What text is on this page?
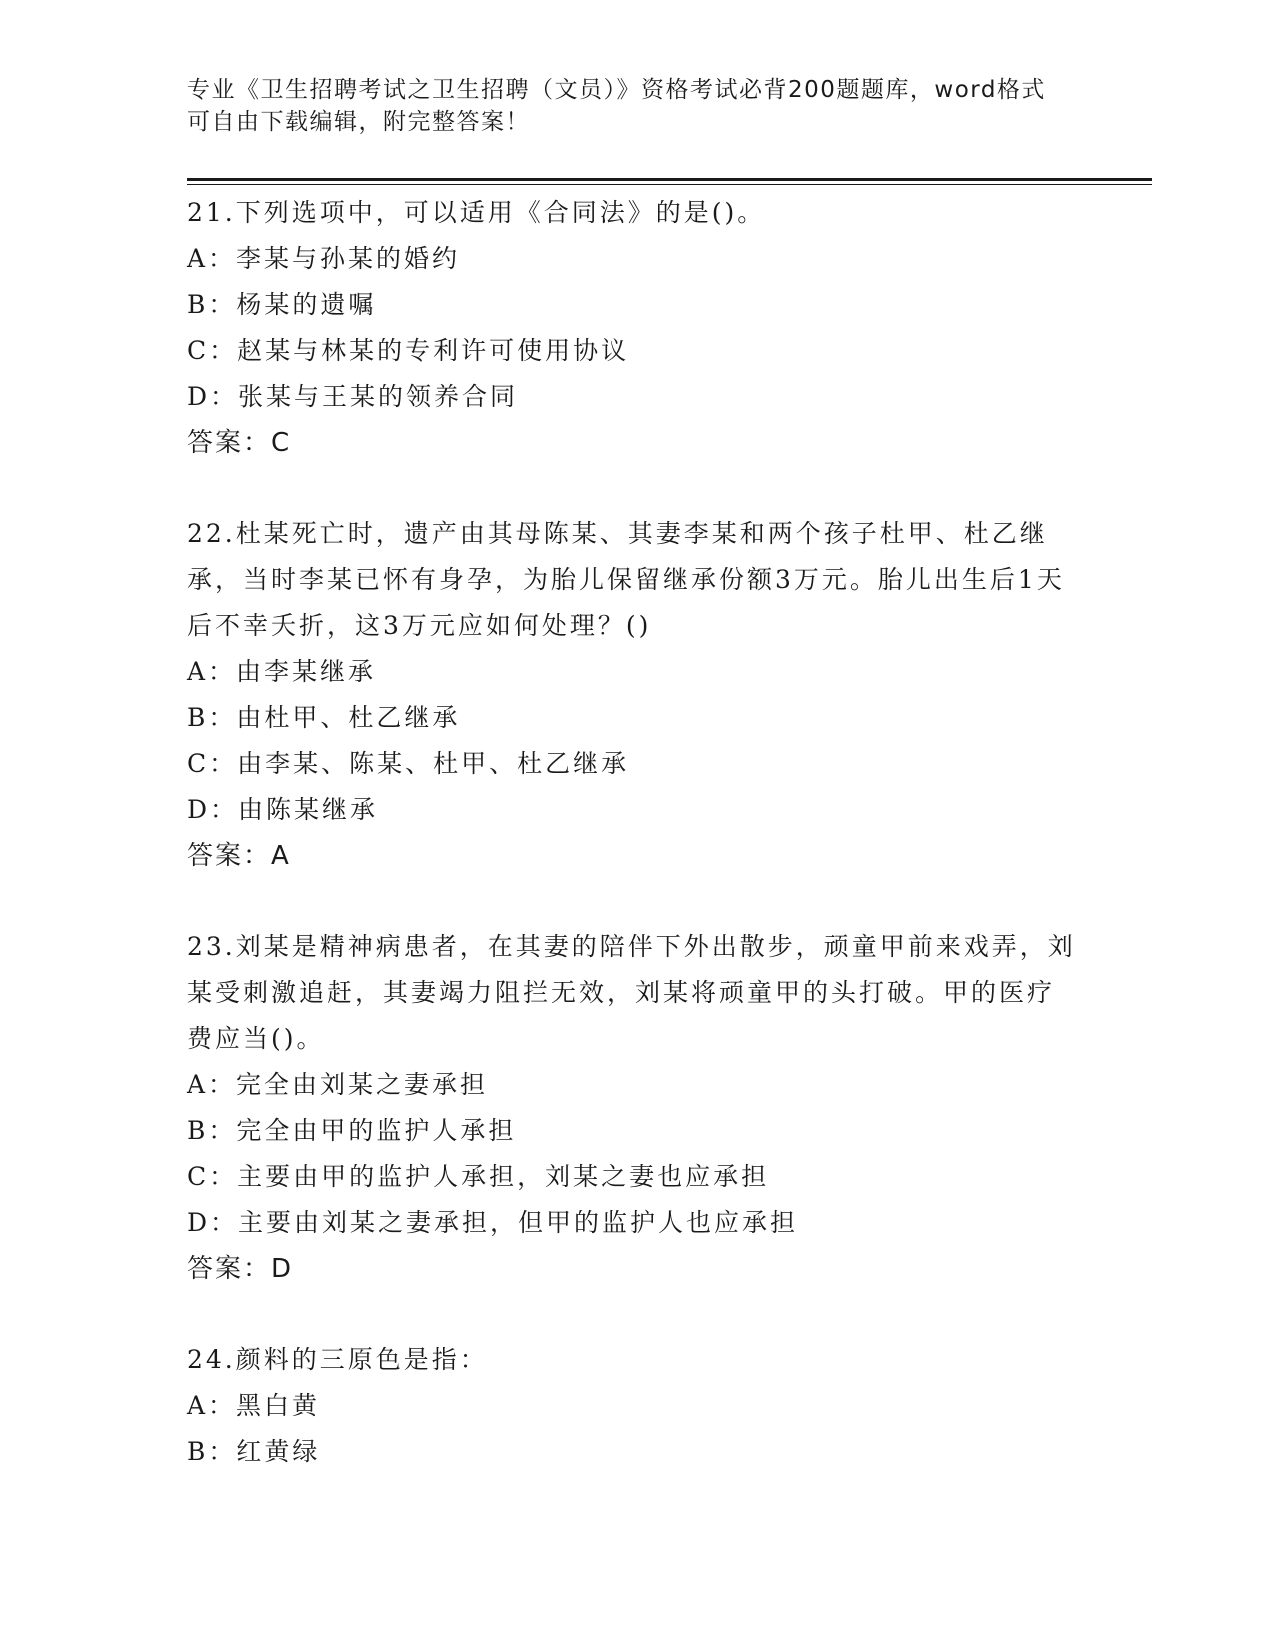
专业《卫生招聘考试之卫生招聘（文员）》资格考试必背200题题库，word格式
可自由下载编辑，附完整答案！
21.下列选项中，可以适用《合同法》的是()。
A：李某与孙某的婚约
B：杨某的遗嘱
C：赵某与林某的专利许可使用协议
D：张某与王某的领养合同
答案：C
22.杜某死亡时，遗产由其母陈某、其妻李某和两个孩子杜甲、杜乙继承，当时李某已怀有身孕，为胎儿保留继承份额3万元。胎儿出生后1天后不幸夭折，这3万元应如何处理？()
A：由李某继承
B：由杜甲、杜乙继承
C：由李某、陈某、杜甲、杜乙继承
D：由陈某继承
答案：A
23.刘某是精神病患者，在其妻的陪伴下外出散步，顽童甲前来戏弄，刘某受刺激追赶，其妻竭力阻拦无效，刘某将顽童甲的头打破。甲的医疗费应当()。
A：完全由刘某之妻承担
B：完全由甲的监护人承担
C：主要由甲的监护人承担，刘某之妻也应承担
D：主要由刘某之妻承担，但甲的监护人也应承担
答案：D
24.颜料的三原色是指：
A：黑白黄
B：红黄绿
